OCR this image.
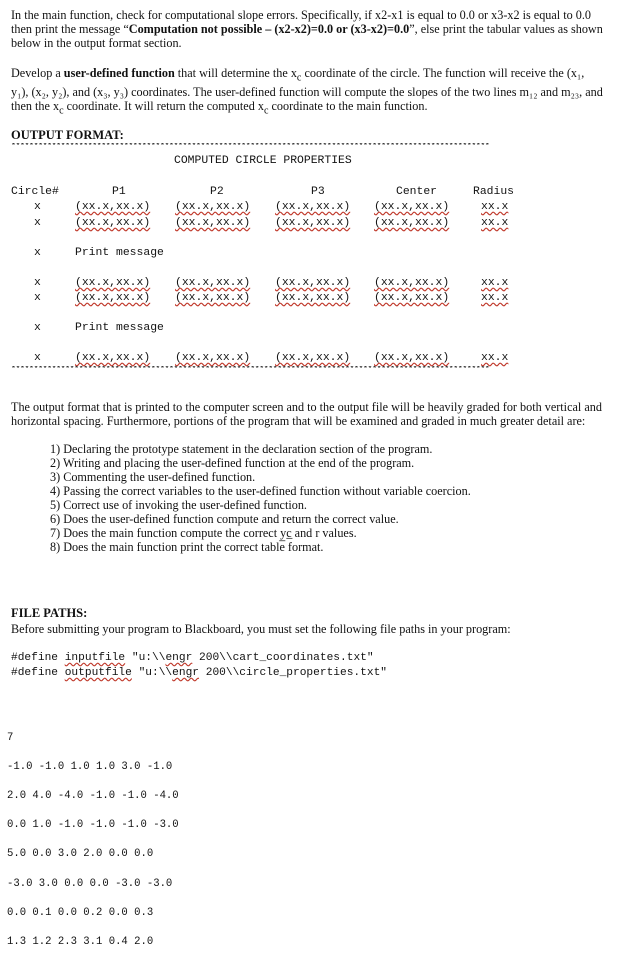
In the main function, check for computational slope errors. Specifically, if x2-x1 is equal to 0.0 or x3-x2 is equal to 0.0 then print the message “Computation not possible – (x2-x2)=0.0 or (x3-x2)=0.0”, else print the tabular values as shown below in the output format section.
Develop a user-defined function that will determine the $x_c$ coordinate of the circle. The function will receive the (x₁, y₁), (x₂, y₂), and (x₃, y₃) coordinates. The user-defined function will compute the slopes of the two lines m₁₂ and m₂₃, and then the $x_c$ coordinate. It will return the computed $x_c$ coordinate to the main function.
OUTPUT FORMAT:
**********************************************************************************************************
COMPUTED CIRCLE PROPERTIES
Circle#	P1	P2	P3	Center	Radius
x	(xx.x,xx.x) (xx.x,xx.x) (xx.x,xx.x) (xx.x,xx.x)	xx.x
x	(xx.x,xx.x) (xx.x,xx.x) (xx.x,xx.x) (xx.x,xx.x)	xx.x
x	Print message
x	(xx.x,xx.x) (xx.x,xx.x) (xx.x,xx.x) (xx.x,xx.x)	xx.x
x	(xx.x,xx.x) (xx.x,xx.x) (xx.x,xx.x) (xx.x,xx.x)	xx.x
x	Print message
x	(xx.x,xx.x) (xx.x,xx.x) (xx.x,xx.x) (xx.x,xx.x)	xx.x
**********************************************************************************************************
The output format that is printed to the computer screen and to the output file will be heavily graded for both vertical and horizontal spacing. Furthermore, portions of the program that will be examined and graded in much greater detail are:
1) Declaring the prototype statement in the declaration section of the program.
2) Writing and placing the user-defined function at the end of the program.
3) Commenting the user-defined function.
4) Passing the correct variables to the user-defined function without variable coercion.
5) Correct use of invoking the user-defined function.
6) Does the user-defined function compute and return the correct value.
7) Does the main function compute the correct y̲c̲ and r values.
8) Does the main function print the correct table format.
FILE PATHS:
Before submitting your program to Blackboard, you must set the following file paths in your program:
#define inputfile "u:\\engr 200\\cart_coordinates.txt"
#define outputfile "u:\\engr 200\\circle_properties.txt"

7

-1.0 -1.0 1.0 1.0 3.0 -1.0

2.0 4.0 -4.0 -1.0 -1.0 -4.0

0.0 1.0 -1.0 -1.0 -1.0 -3.0

5.0 0.0 3.0 2.0 0.0 0.0

-3.0 3.0 0.0 0.0 -3.0 -3.0

0.0 0.1 0.0 0.2 0.0 0.3

1.3 1.2 2.3 3.1 0.4 2.0
